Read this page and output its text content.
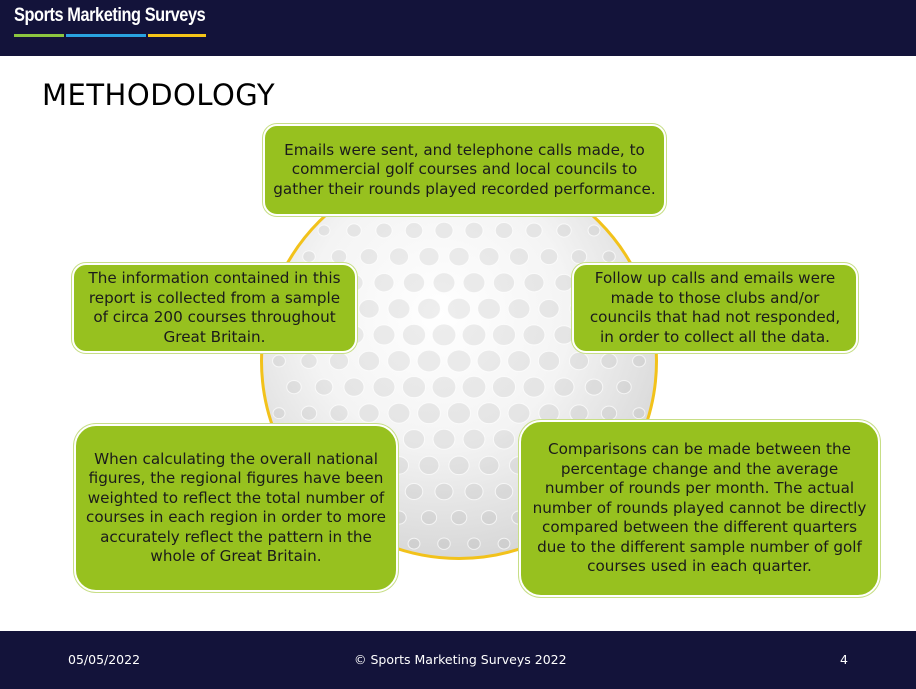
Sports Marketing Surveys
METHODOLOGY
Emails were sent, and telephone calls made, to commercial golf courses and local councils to gather their rounds played recorded performance.
The information contained in this report is collected from a sample of circa 200 courses throughout Great Britain.
Follow up calls and emails were made to those clubs and/or councils that had not responded, in order to collect all the data.
When calculating the overall national figures, the regional figures have been weighted to reflect the total number of courses in each region in order to more accurately reflect the pattern in the whole of Great Britain.
Comparisons can be made between the percentage change and the average number of rounds per month. The actual number of rounds played cannot be directly compared between the different quarters due to the different sample number of golf courses used in each quarter.
05/05/2022	© Sports Marketing Surveys 2022	4
